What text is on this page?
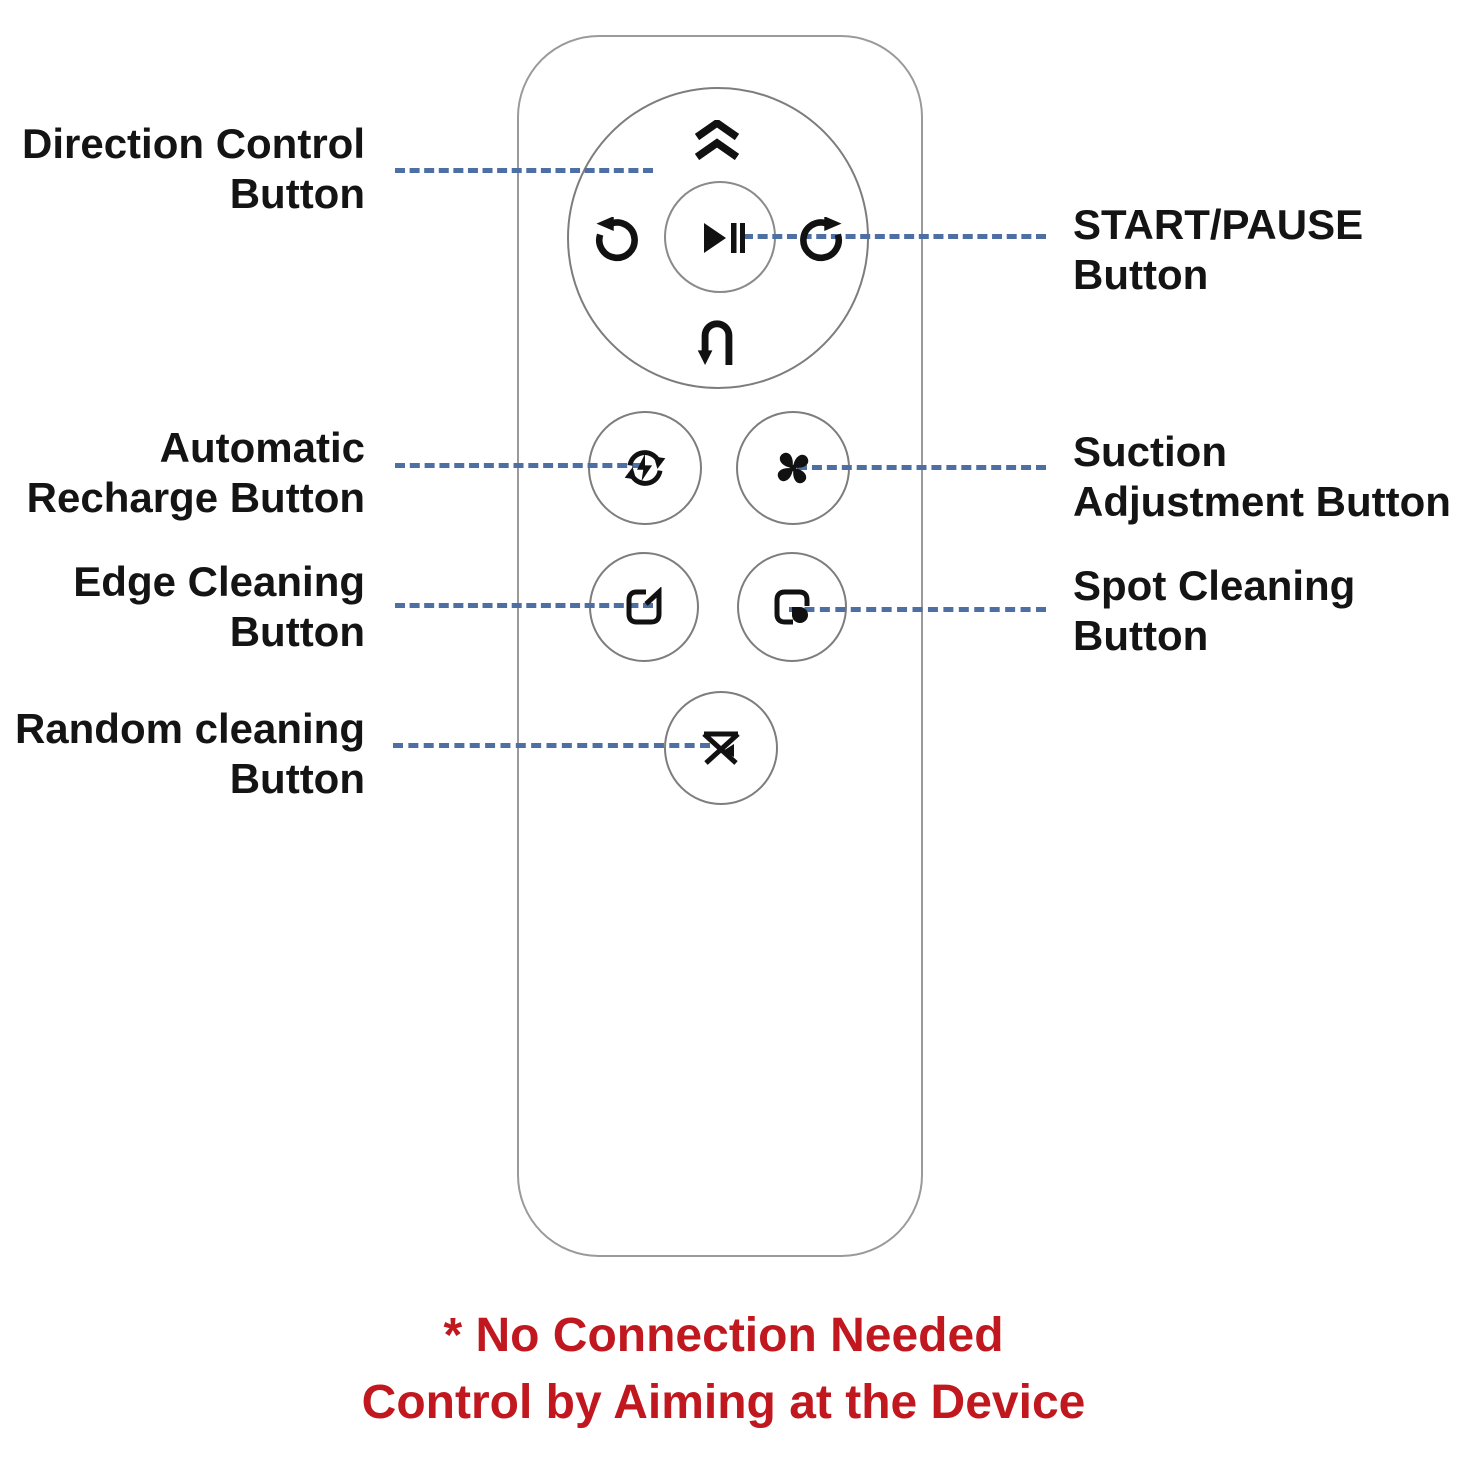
Direction Control
Button
START/PAUSE
Button
Automatic
Recharge Button
Suction
Adjustment Button
Edge Cleaning
Button
Spot Cleaning
Button
Random cleaning
Button
* No Connection Needed
Control by Aiming at the Device
